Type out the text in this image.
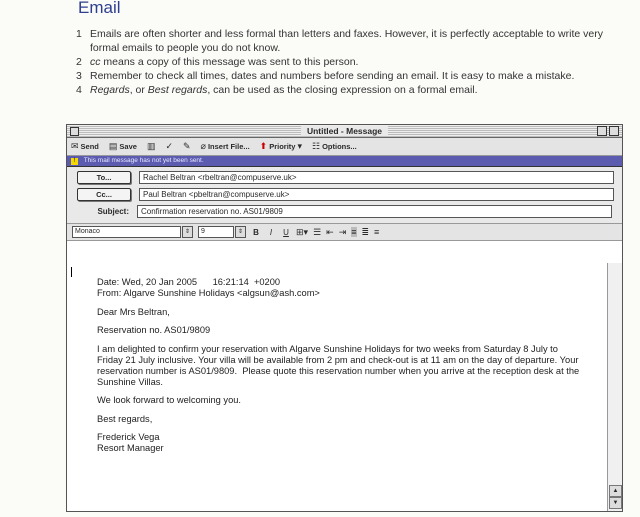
Email
1 Emails are often shorter and less formal than letters and faxes. However, it is perfectly acceptable to write very formal emails to people you do not know.
2 cc means a copy of this message was sent to this person.
3 Remember to check all times, dates and numbers before sending an email. It is easy to make a mistake.
4 Regards, or Best regards, can be used as the closing expression on a formal email.
Untitled - Message
✉ Send ▤ Save ▥ ✓ ✎ ⌀ Insert File... ⬆ Priority ▾ ☷ Options...
! This mail message has not yet been sent.
To...	Rachel Beltran <rbeltran@compuserve.uk>
Cc...	Paul Beltran <pbeltran@compuserve.uk>
Subject:	Confirmation reservation no. AS01/9809
Monaco	⇕	9	⇕	B	I	U ⊞▾ ☰ ⇤ ⇥ ≡ ≣ ≡

Date: Wed, 20 Jan 2005      16:21:14  +0200
From: Algarve Sunshine Holidays <algsun@ash.com>

Dear Mrs Beltran,

Reservation no. AS01/9809

I am delighted to confirm your reservation with Algarve Sunshine Holidays for two weeks from Saturday 8 July to Friday 21 July inclusive. Your villa will be available from 2 pm and check-out is at 11 am on the day of departure. Your reservation number is AS01/9809.  Please quote this reservation number when you arrive at the reception desk at the Sunshine Villas.

We look forward to welcoming you.

Best regards,

Frederick Vega
Resort Manager

▲
▼
